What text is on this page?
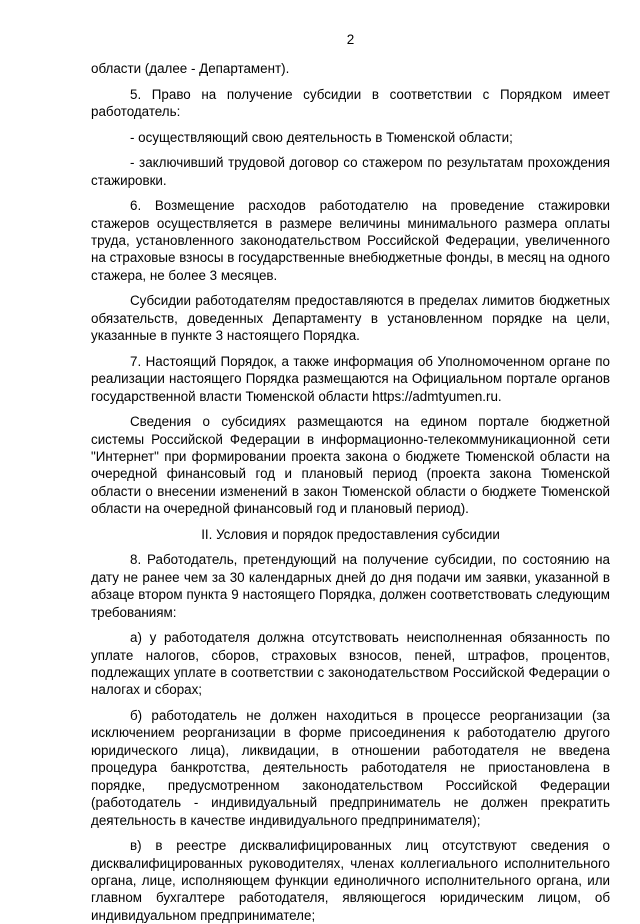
2

области (далее - Департамент).

5. Право на получение субсидии в соответствии с Порядком имеет работодатель:

- осуществляющий свою деятельность в Тюменской области;

- заключивший трудовой договор со стажером по результатам прохождения стажировки.

6. Возмещение расходов работодателю на проведение стажировки стажеров осуществляется в размере величины минимального размера оплаты труда, установленного законодательством Российской Федерации, увеличенного на страховые взносы в государственные внебюджетные фонды, в месяц на одного стажера, не более 3 месяцев.

Субсидии работодателям предоставляются в пределах лимитов бюджетных обязательств, доведенных Департаменту в установленном порядке на цели, указанные в пункте 3 настоящего Порядка.

7. Настоящий Порядок, а также информация об Уполномоченном органе по реализации настоящего Порядка размещаются на Официальном портале органов государственной власти Тюменской области https://admtyumen.ru.

Сведения о субсидиях размещаются на едином портале бюджетной системы Российской Федерации в информационно-телекоммуникационной сети "Интернет" при формировании проекта закона о бюджете Тюменской области на очередной финансовый год и плановый период (проекта закона Тюменской области о внесении изменений в закон Тюменской области о бюджете Тюменской области на очередной финансовый год и плановый период).

II. Условия и порядок предоставления субсидии

8. Работодатель, претендующий на получение субсидии, по состоянию на дату не ранее чем за 30 календарных дней до дня подачи им заявки, указанной в абзаце втором пункта 9 настоящего Порядка, должен соответствовать следующим требованиям:

а) у работодателя должна отсутствовать неисполненная обязанность по уплате налогов, сборов, страховых взносов, пеней, штрафов, процентов, подлежащих уплате в соответствии с законодательством Российской Федерации о налогах и сборах;

б) работодатель не должен находиться в процессе реорганизации (за исключением реорганизации в форме присоединения к работодателю другого юридического лица), ликвидации, в отношении работодателя не введена процедура банкротства, деятельность работодателя не приостановлена в порядке, предусмотренном законодательством Российской Федерации (работодатель - индивидуальный предприниматель не должен прекратить деятельность в качестве индивидуального предпринимателя);

в) в реестре дисквалифицированных лиц отсутствуют сведения о дисквалифицированных руководителях, членах коллегиального исполнительного органа, лице, исполняющем функции единоличного исполнительного органа, или главном бухгалтере работодателя, являющегося юридическим лицом, об индивидуальном предпринимателе;
